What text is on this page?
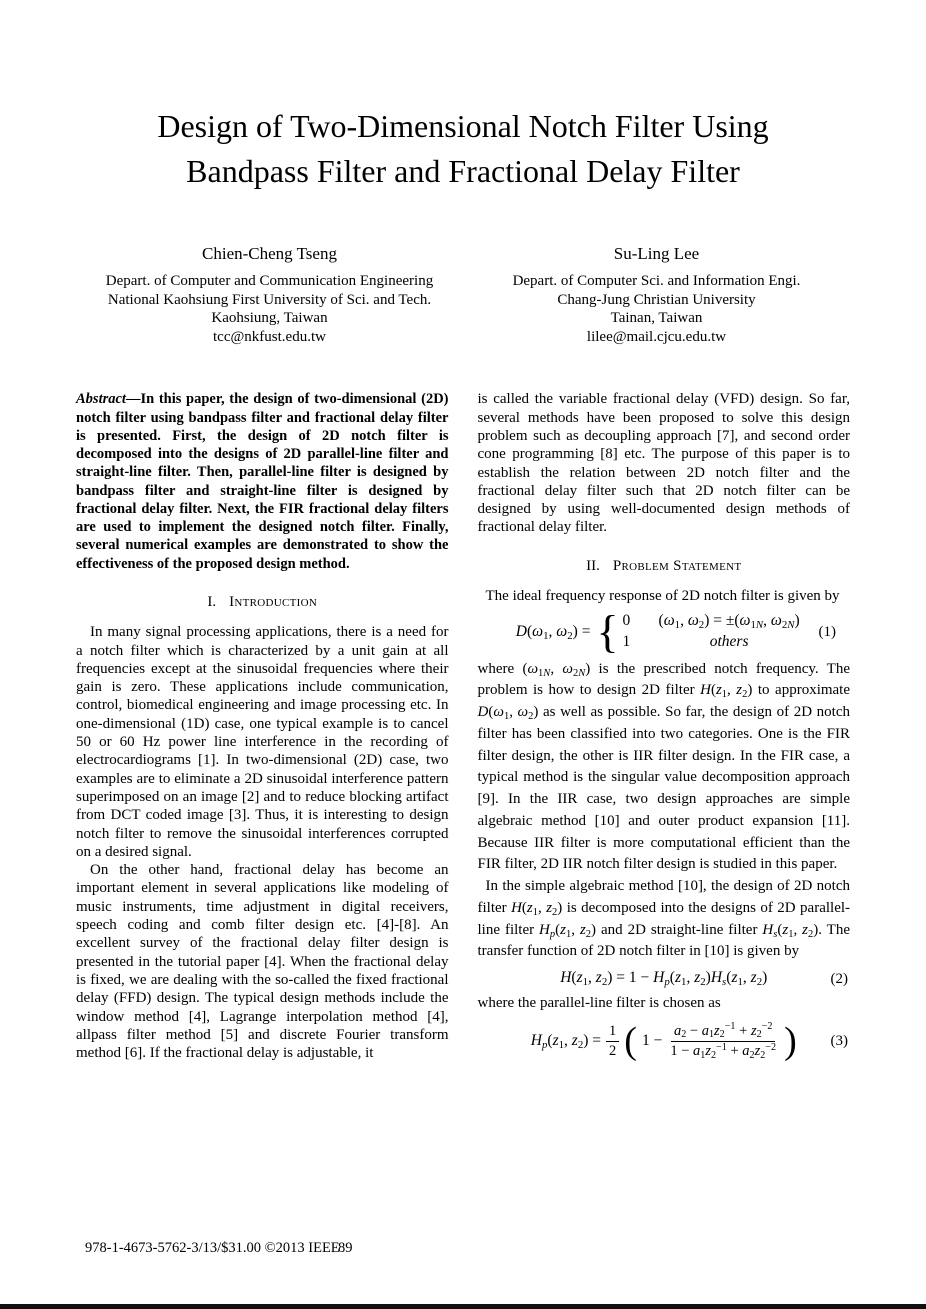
Design of Two-Dimensional Notch Filter Using
Bandpass Filter and Fractional Delay Filter
Chien-Cheng Tseng
Depart. of Computer and Communication Engineering
National Kaohsiung First University of Sci. and Tech.
Kaohsiung, Taiwan
tcc@nkfust.edu.tw
Su-Ling Lee
Depart. of Computer Sci. and Information Engi.
Chang-Jung Christian University
Tainan, Taiwan
lilee@mail.cjcu.edu.tw

Abstract—In this paper, the design of two-dimensional (2D) notch filter using bandpass filter and fractional delay filter is presented. First, the design of 2D notch filter is decomposed into the designs of 2D parallel-line filter and straight-line filter. Then, parallel-line filter is designed by bandpass filter and straight-line filter is designed by fractional delay filter. Next, the FIR fractional delay filters are used to implement the designed notch filter. Finally, several numerical examples are demonstrated to show the effectiveness of the proposed design method.

I. Introduction

In many signal processing applications, there is a need for a notch filter which is characterized by a unit gain at all frequencies except at the sinusoidal frequencies where their gain is zero. These applications include communication, control, biomedical engineering and image processing etc. In one-dimensional (1D) case, one typical example is to cancel 50 or 60 Hz power line interference in the recording of electrocardiograms [1]. In two-dimensional (2D) case, two examples are to eliminate a 2D sinusoidal interference pattern superimposed on an image [2] and to reduce blocking artifact from DCT coded image [3]. Thus, it is interesting to design notch filter to remove the sinusoidal interferences corrupted on a desired signal.

On the other hand, fractional delay has become an important element in several applications like modeling of music instruments, time adjustment in digital receivers, speech coding and comb filter design etc. [4]-[8]. An excellent survey of the fractional delay filter design is presented in the tutorial paper [4]. When the fractional delay is fixed, we are dealing with the so-called the fixed fractional delay (FFD) design. The typical design methods include the window method [4], Lagrange interpolation method [4], allpass filter method [5] and discrete Fourier transform method [6]. If the fractional delay is adjustable, it

is called the variable fractional delay (VFD) design. So far, several methods have been proposed to solve this design problem such as decoupling approach [7], and second order cone programming [8] etc. The purpose of this paper is to establish the relation between 2D notch filter and the fractional delay filter such that 2D notch filter can be designed by using well-documented design methods of fractional delay filter.

II. Problem Statement

The ideal frequency response of 2D notch filter is given by

$D(\omega_1$, $\omega_2$) = { 0	($\omega_1$, $\omega_2) = \pm(\omega_{1N}$, $\omega_{2N}$)
1	others
(1)

where ($\omega_{1N}$, $\omega_{2N}$) is the prescribed notch frequency. The problem is how to design 2D filter $H(z_1$, $z_2$) to approximate $D(\omega_1$, $\omega_2$) as well as possible. So far, the design of 2D notch filter has been classified into two categories. One is the FIR filter design, the other is IIR filter design. In the FIR case, a typical method is the singular value decomposition approach [9]. In the IIR case, two design approaches are simple algebraic method [10] and outer product expansion [11]. Because IIR filter is more computational efficient than the FIR filter, 2D IIR notch filter design is studied in this paper.

In the simple algebraic method [10], the design of 2D notch filter $H(z_1$, $z_2$) is decomposed into the designs of 2D parallel-line filter $H_p(z_1$, $z_2$) and 2D straight-line filter $H_s(z_1$, $z_2$). The transfer function of 2D notch filter in [10] is given by

$H(z_1$, $z_2) = 1 - H_p(z_1$, $z_2)H_s(z_1$, $z_2$)	(2)

where the parallel-line filter is chosen as

$H_p(z_1$, $z_2) = \frac{1}{2}$ ( $1 - \frac{a_2 - a_1z_2^{-1} + z_2^{-2}}{1 - a_1z_2^{-1} + a_2z_2^{-2}}$ ) (3)
978-1-4673-5762-3/13/$31.00 ©2013 IEEE
89
